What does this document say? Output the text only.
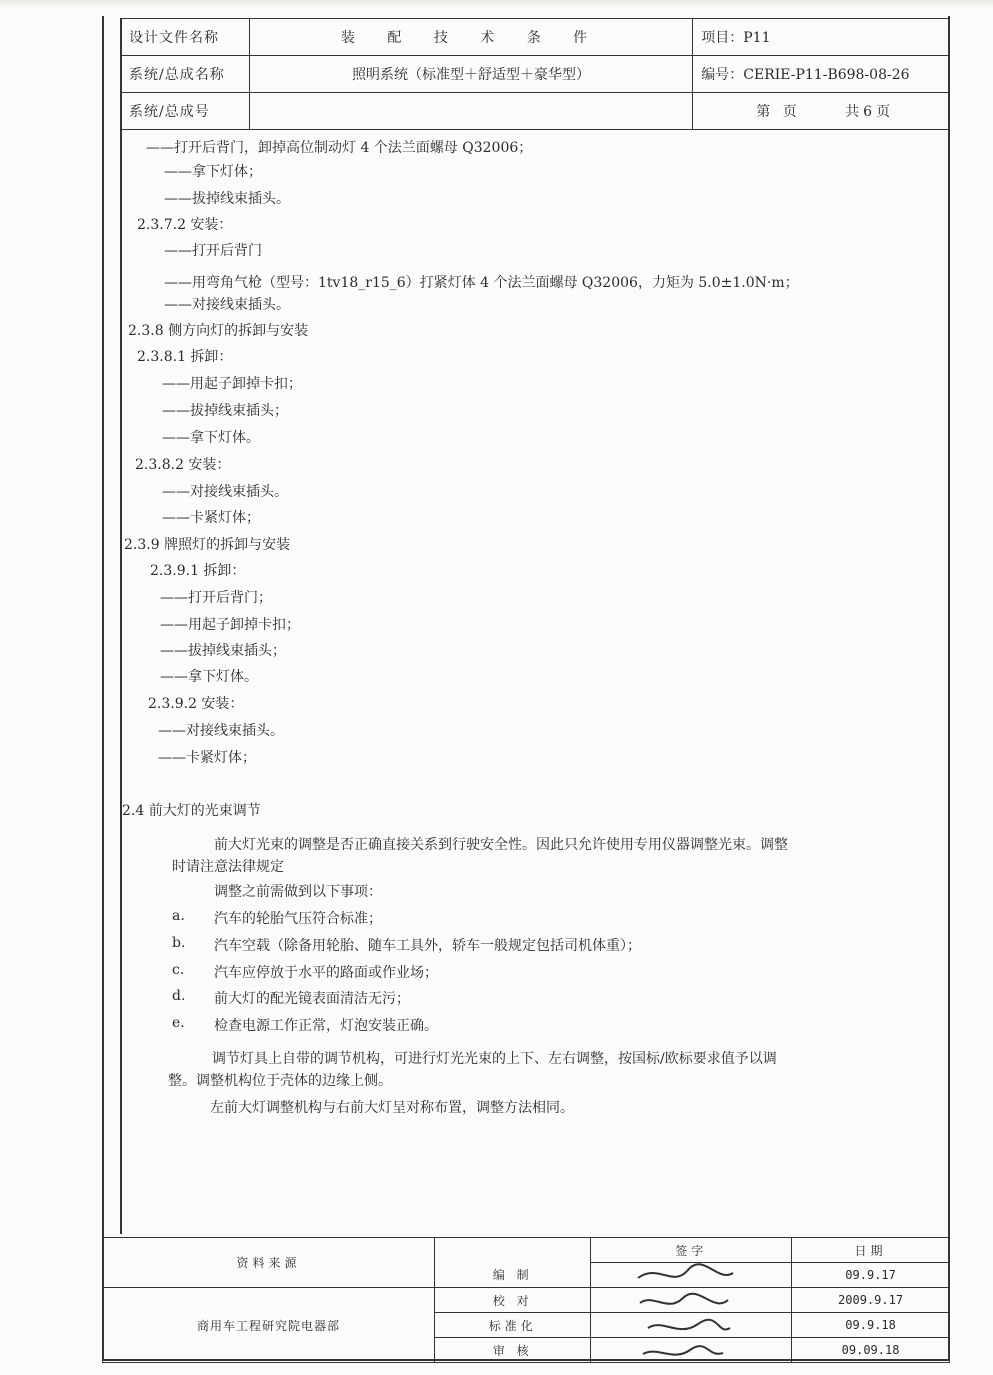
设计文件名称	装 配 技 术 条 件	项目：P11
系统/总成名称	照明系统（标准型＋舒适型＋豪华型）	编号：CERIE-P11-B698-08-26
系统/总成号		第 页 共6页
——打开后背门，卸掉高位制动灯 4 个法兰面螺母 Q32006；
——拿下灯体；
——拔掉线束插头。
2.3.7.2 安装：
——打开后背门
——用弯角气枪（型号：1tv18_r15_6）打紧灯体 4 个法兰面螺母 Q32006，力矩为 5.0±1.0N·m；
——对接线束插头。
2.3.8 侧方向灯的拆卸与安装
2.3.8.1 拆卸：
——用起子卸掉卡扣；
——拔掉线束插头；
——拿下灯体。
2.3.8.2 安装：
——对接线束插头。
——卡紧灯体；
2.3.9 牌照灯的拆卸与安装
2.3.9.1 拆卸：
——打开后背门；
——用起子卸掉卡扣；
——拔掉线束插头；
——拿下灯体。
2.3.9.2 安装：
——对接线束插头。
——卡紧灯体；
2.4 前大灯的光束调节
前大灯光束的调整是否正确直接关系到行驶安全性。因此只允许使用专用仪器调整光束。调整
时请注意法律规定
调整之前需做到以下事项：
a. 汽车的轮胎气压符合标准；
b. 汽车空载（除备用轮胎、随车工具外，轿车一般规定包括司机体重）；
c. 汽车应停放于水平的路面或作业场；
d. 前大灯的配光镜表面清洁无污；
e. 检查电源工作正常，灯泡安装正确。
调节灯具上自带的调节机构，可进行灯光光束的上下、左右调整，按国标/欧标要求值予以调
整。调整机构位于壳体的边缘上侧。
左前大灯调整机构与右前大灯呈对称布置，调整方法相同。
资料来源		签字	日期
	编 制		09.9.17
商用车工程研究院电器部	校 对		2009.9.17
	标准化		09.9.18
	审 核		09.09.18
